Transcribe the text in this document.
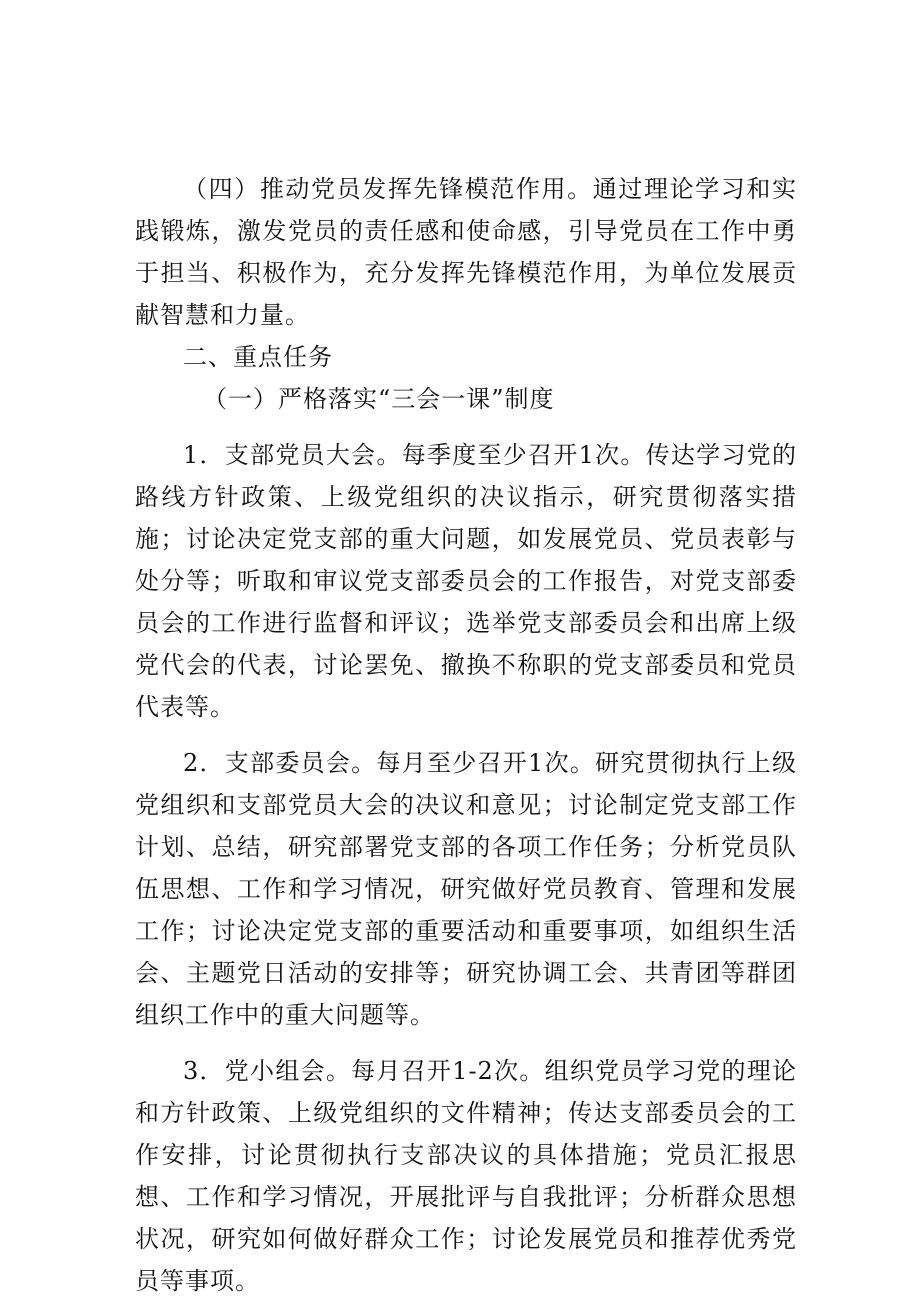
（四）推动党员发挥先锋模范作用。通过理论学习和实践锻炼，激发党员的责任感和使命感，引导党员在工作中勇于担当、积极作为，充分发挥先锋模范作用，为单位发展贡献智慧和力量。

二、重点任务

（一）严格落实“三会一课”制度

1．支部党员大会。每季度至少召开1次。传达学习党的路线方针政策、上级党组织的决议指示，研究贯彻落实措施；讨论决定党支部的重大问题，如发展党员、党员表彰与处分等；听取和审议党支部委员会的工作报告，对党支部委员会的工作进行监督和评议；选举党支部委员会和出席上级党代会的代表，讨论罢免、撤换不称职的党支部委员和党员代表等。

2．支部委员会。每月至少召开1次。研究贯彻执行上级党组织和支部党员大会的决议和意见；讨论制定党支部工作计划、总结，研究部署党支部的各项工作任务；分析党员队伍思想、工作和学习情况，研究做好党员教育、管理和发展工作；讨论决定党支部的重要活动和重要事项，如组织生活会、主题党日活动的安排等；研究协调工会、共青团等群团组织工作中的重大问题等。

3．党小组会。每月召开1-2次。组织党员学习党的理论和方针政策、上级党组织的文件精神；传达支部委员会的工作安排，讨论贯彻执行支部决议的具体措施；党员汇报思想、工作和学习情况，开展批评与自我批评；分析群众思想状况，研究如何做好群众工作；讨论发展党员和推荐优秀党员等事项。
